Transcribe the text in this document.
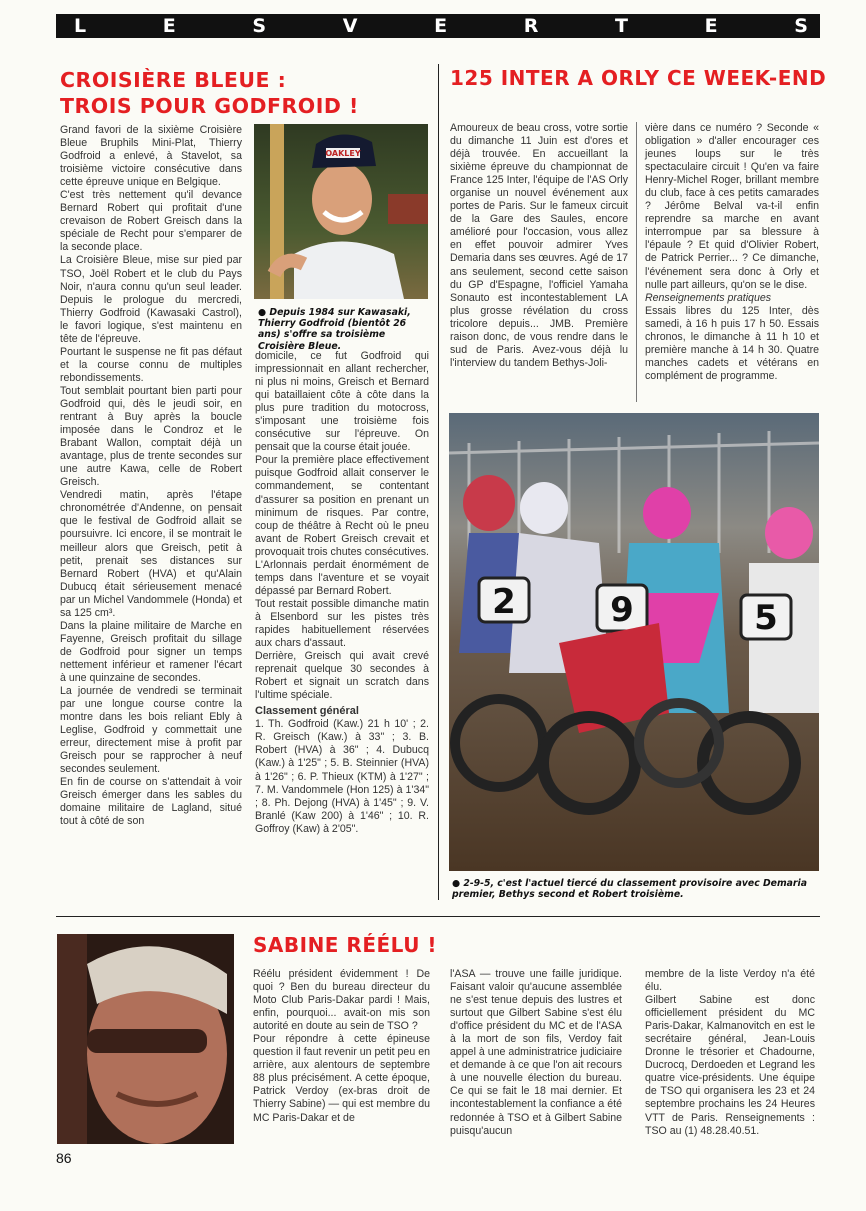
L	E	S	V	E	R	T	E	S
CROISIÈRE BLEUE :
TROIS POUR GODFROID !

Grand favori de la sixième Croisière Bleue Bruphils Mini-Plat, Thierry Godfroid a enlevé, à Stavelot, sa troisième victoire consécutive dans cette épreuve unique en Belgique.

C'est très nettement qu'il devance Bernard Robert qui profitait d'une crevaison de Robert Greisch dans la spéciale de Recht pour s'emparer de la seconde place.

La Croisière Bleue, mise sur pied par TSO, Joël Robert et le club du Pays Noir, n'aura connu qu'un seul leader. Depuis le prologue du mercredi, Thierry Godfroid (Kawasaki Castrol), le favori logique, s'est maintenu en tête de l'épreuve.

Pourtant le suspense ne fit pas défaut et la course connu de multiples rebondissements.

Tout semblait pourtant bien parti pour Godfroid qui, dès le jeudi soir, en rentrant à Buy après la boucle imposée dans le Condroz et le Brabant Wallon, comptait déjà un avantage, plus de trente secondes sur une autre Kawa, celle de Robert Greisch.

Vendredi matin, après l'étape chronométrée d'Andenne, on pensait que le festival de Godfroid allait se poursuivre. Ici encore, il se montrait le meilleur alors que Greisch, petit à petit, prenait ses distances sur Bernard Robert (HVA) et qu'Alain Dubucq était sérieusement menacé par un Michel Vandommele (Honda) et sa 125 cm³.

Dans la plaine militaire de Marche en Fayenne, Greisch profitait du sillage de Godfroid pour signer un temps nettement inférieur et ramener l'écart à une quinzaine de secondes.

La journée de vendredi se terminait par une longue course contre la montre dans les bois reliant Ebly à Leglise, Godfroid y commettait une erreur, directement mise à profit par Greisch pour se rapprocher à neuf secondes seulement.

En fin de course on s'attendait à voir Greisch émerger dans les sables du domaine militaire de Lagland, situé tout à côté de son

OAKLEY
● Depuis 1984 sur Kawasaki, Thierry Godfroid (bientôt 26 ans) s'offre sa troisième Croisière Bleue.

domicile, ce fut Godfroid qui impressionnait en allant rechercher, ni plus ni moins, Greisch et Bernard qui bataillaient côte à côte dans la plus pure tradition du motocross, s'imposant une troisième fois consécutive sur l'épreuve. On pensait que la course était jouée.

Pour la première place effectivement puisque Godfroid allait conserver le commandement, se contentant d'assurer sa position en prenant un minimum de risques. Par contre, coup de théâtre à Recht où le pneu avant de Robert Greisch crevait et provoquait trois chutes consécutives. L'Arlonnais perdait énormément de temps dans l'aventure et se voyait dépassé par Bernard Robert.

Tout restait possible dimanche matin à Elsenbord sur les pistes très rapides habituellement réservées aux chars d'assaut.

Derrière, Greisch qui avait crevé reprenait quelque 30 secondes à Robert et signait un scratch dans l'ultime spéciale.

Classement général

1. Th. Godfroid (Kaw.) 21 h 10' ; 2. R. Greisch (Kaw.) à 33" ; 3. B. Robert (HVA) à 36" ; 4. Dubucq (Kaw.) à 1'25" ; 5. B. Steinnier (HVA) à 1'26" ; 6. P. Thieux (KTM) à 1'27" ; 7. M. Vandommele (Hon 125) à 1'34" ; 8. Ph. Dejong (HVA) à 1'45" ; 9. V. Branlé (Kaw 200) à 1'46" ; 10. R. Goffroy (Kaw) à 2'05".

125 INTER A ORLY CE WEEK-END

Amoureux de beau cross, votre sortie du dimanche 11 Juin est d'ores et déjà trouvée. En accueillant la sixième épreuve du championnat de France 125 Inter, l'équipe de l'AS Orly organise un nouvel événement aux portes de Paris. Sur le fameux circuit de la Gare des Saules, encore amélioré pour l'occasion, vous allez en effet pouvoir admirer Yves Demaria dans ses œuvres. Agé de 17 ans seulement, second cette saison du GP d'Espagne, l'officiel Yamaha Sonauto est incontestablement LA plus grosse révélation du cross tricolore depuis... JMB. Première raison donc, de vous rendre dans le sud de Paris. Avez-vous déjà lu l'interview du tandem Bethys-Joli-

vière dans ce numéro ? Seconde « obligation » d'aller encourager ces jeunes loups sur le très spectaculaire circuit ! Qu'en va faire Henry-Michel Roger, brillant membre du club, face à ces petits camarades ? Jérôme Belval va-t-il enfin reprendre sa marche en avant interrompue par sa blessure à l'épaule ? Et quid d'Olivier Robert, de Patrick Perrier... ? Ce dimanche, l'événement sera donc à Orly et nulle part ailleurs, qu'on se le dise.

Renseignements pratiques

Essais libres du 125 Inter, dès samedi, à 16 h puis 17 h 50. Essais chronos, le dimanche à 11 h 10 et première manche à 14 h 30. Quatre manches cadets et vétérans en complément de programme.

2	9	5
● 2-9-5, c'est l'actuel tiercé du classement provisoire avec Demaria premier, Bethys second et Robert troisième.
SABINE RÉÉLU !

Réélu président évidemment ! De quoi ? Ben du bureau directeur du Moto Club Paris-Dakar pardi ! Mais, enfin, pourquoi... avait-on mis son autorité en doute au sein de TSO ?

Pour répondre à cette épineuse question il faut revenir un petit peu en arrière, aux alentours de septembre 88 plus précisément. A cette époque, Patrick Verdoy (ex-bras droit de Thierry Sabine) — qui est membre du MC Paris-Dakar et de

l'ASA — trouve une faille juridique. Faisant valoir qu'aucune assemblée ne s'est tenue depuis des lustres et surtout que Gilbert Sabine s'est élu d'office président du MC et de l'ASA à la mort de son fils, Verdoy fait appel à une administratrice judiciaire et demande à ce que l'on ait recours à une nouvelle élection du bureau. Ce qui se fait le 18 mai dernier. Et incontestablement la confiance a été redonnée à TSO et à Gilbert Sabine puisqu'aucun

membre de la liste Verdoy n'a été élu.

Gilbert Sabine est donc officiellement président du MC Paris-Dakar, Kalmanovitch en est le secrétaire général, Jean-Louis Dronne le trésorier et Chadourne, Ducrocq, Derdoeden et Legrand les quatre vice-présidents. Une équipe de TSO qui organisera les 23 et 24 septembre prochains les 24 Heures VTT de Paris. Renseignements : TSO au (1) 48.28.40.51.

86
